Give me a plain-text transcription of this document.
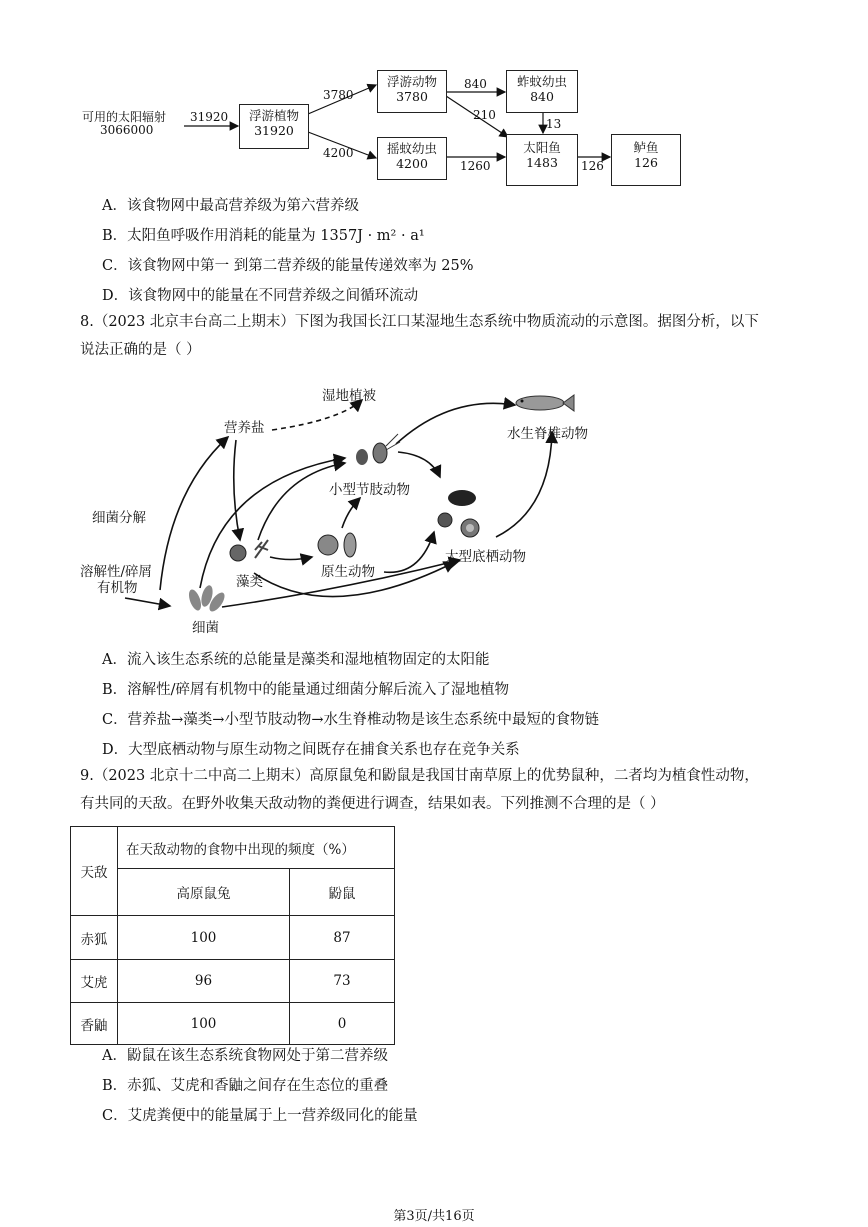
可用的太阳辐射
3066000
31920	浮游植物
31920
3780
4200
浮游动物
3780
摇蚊幼虫
4200
840
210
1260
蚱蚊幼虫
840
13
太阳鱼
1483	126
鲈鱼
126
A．该食物网中最高营养级为第六营养级
B．太阳鱼呼吸作用消耗的能量为 1357J · m² · a¹
C．该食物网中第一 到第二营养级的能量传递效率为 25%
D．该食物网中的能量在不同营养级之间循环流动
8.（2023 北京丰台高二上期末）下图为我国长江口某湿地生态系统中物质流动的示意图。据图分析，以下
说法正确的是（ ）
湿地植被
营养盐	水生脊椎动物
小型节肢动物
细菌分解
大型底栖动物
溶解性/碎屑
有机物	藻类
原生动物
细菌
A．流入该生态系统的总能量是藻类和湿地植物固定的太阳能
B．溶解性/碎屑有机物中的能量通过细菌分解后流入了湿地植物
C．营养盐→藻类→小型节肢动物→水生脊椎动物是该生态系统中最短的食物链
D．大型底栖动物与原生动物之间既存在捕食关系也存在竞争关系
9.（2023 北京十二中高二上期末）高原鼠兔和鼢鼠是我国甘南草原上的优势鼠种，二者均为植食性动物，
有共同的天敌。在野外收集天敌动物的粪便进行调查，结果如表。下列推测不合理的是（ ）
天敌	在天敌动物的食物中出现的频度（%）	
	高原鼠兔	鼢鼠
赤狐	100	87
艾虎	96	73
香鼬	100	0
A．鼢鼠在该生态系统食物网处于第二营养级
B．赤狐、艾虎和香鼬之间存在生态位的重叠
C．艾虎粪便中的能量属于上一营养级同化的能量
第3页/共16页
